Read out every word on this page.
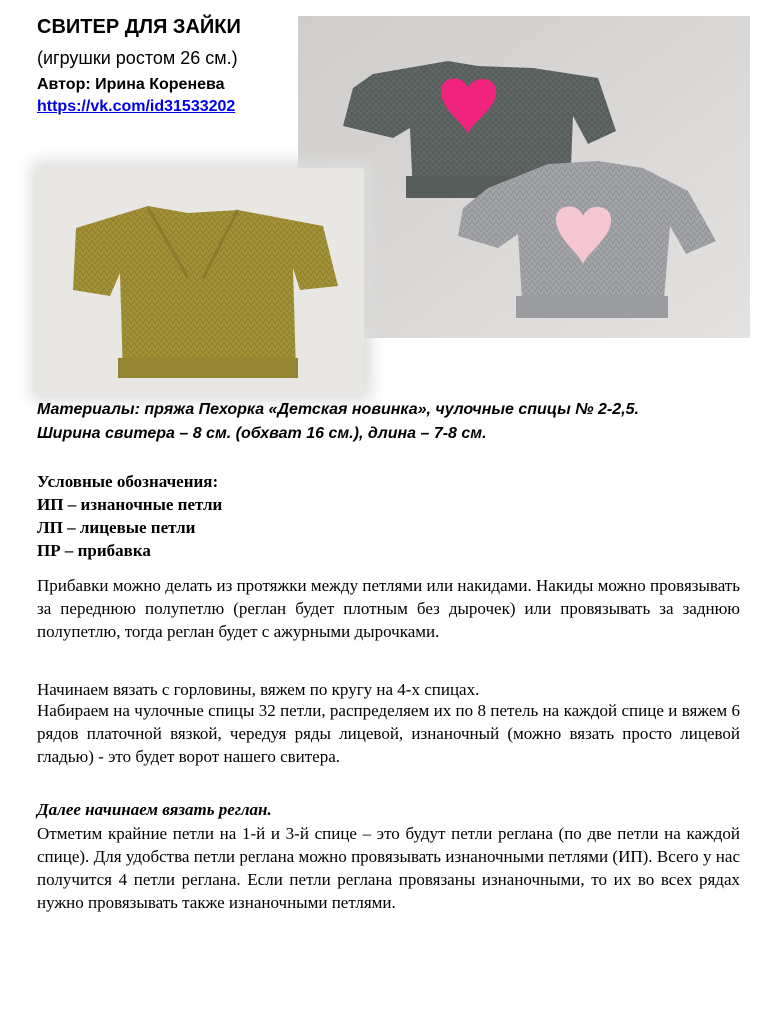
СВИТЕР ДЛЯ ЗАЙКИ
(игрушки ростом 26 см.)
Автор: Ирина Коренева
https://vk.com/id31533202
Материалы: пряжа Пехорка «Детская новинка», чулочные спицы № 2-2,5.
Ширина свитера – 8 см. (обхват 16 см.), длина – 7-8 см.
Условные обозначения:
ИП – изнаночные петли
ЛП – лицевые петли
ПР – прибавка
Прибавки можно делать из протяжки между петлями или накидами. Накиды можно провязывать за переднюю полупетлю (реглан будет плотным без дырочек) или провязывать за заднюю полупетлю, тогда реглан будет с ажурными дырочками.
Начинаем вязать с горловины, вяжем по кругу на 4-х спицах.
Набираем на чулочные спицы 32 петли, распределяем их по 8 петель на каждой спице и вяжем 6 рядов платочной вязкой, чередуя ряды лицевой, изнаночный (можно вязать просто лицевой гладью) - это будет ворот нашего свитера.
Далее начинаем вязать реглан.
Отметим крайние петли на 1-й и 3-й спице – это будут петли реглана (по две петли на каждой спице). Для удобства петли реглана можно провязывать изнаночными петлями (ИП). Всего у нас получится 4 петли реглана. Если петли реглана провязаны изнаночными, то их во всех рядах нужно провязывать также изнаночными петлями.
